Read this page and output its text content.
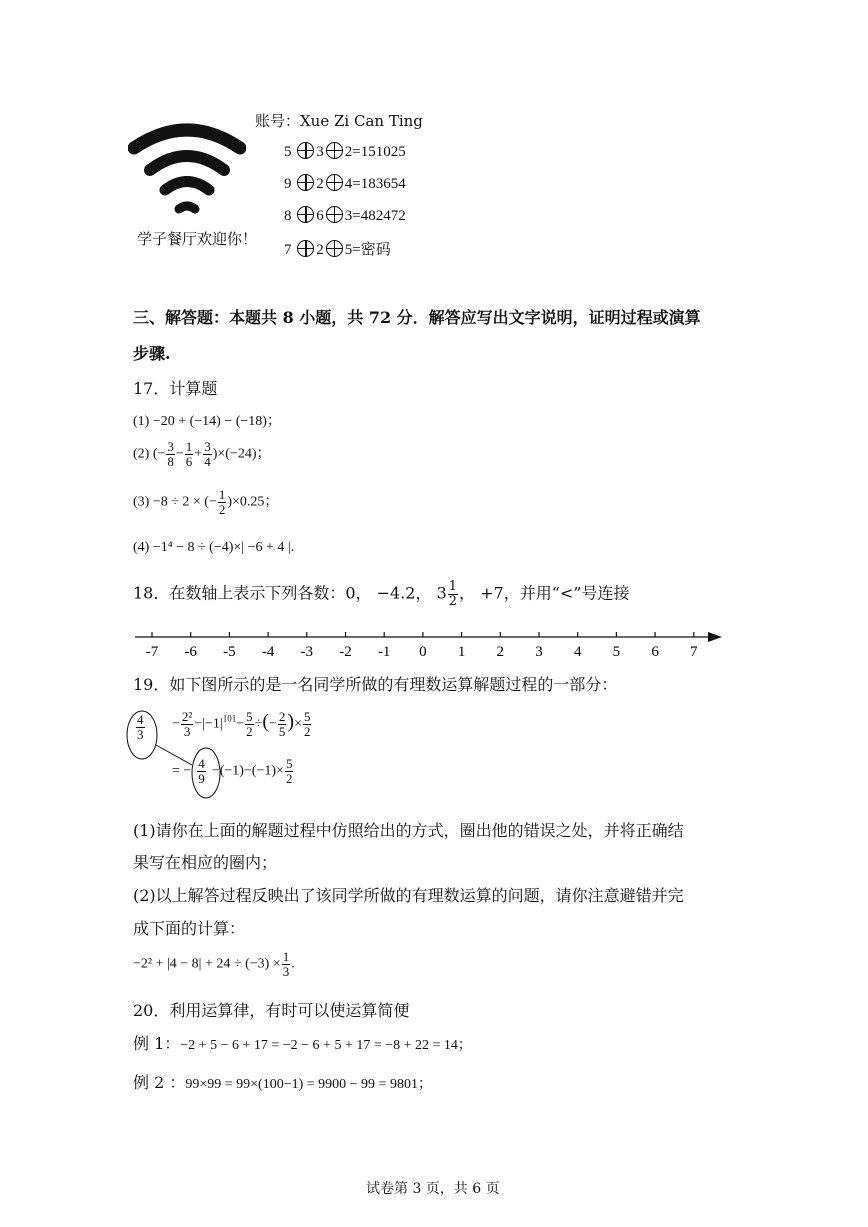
账号：Xue Zi Can Ting
5 3 2=151025
9 2 4=183654
8 6 3=482472
7 2 5=密码
学子餐厅欢迎你！
三、解答题：本题共 8 小题，共 72 分．解答应写出文字说明，证明过程或演算
步骤.
17．计算题
(1) −20 + (−14) − (−18)；
(2) (− $\frac{3}{8} - \frac{1}{6} + \frac{3}{4} )\times(-24)$；
(3) −8 ÷ 2 × (− $\frac{1}{2} )\times 0.25$；
(4) −1⁴ − 8 ÷ (−4)×| −6 + 4 |.
18．在数轴上表示下列各数：0， −4.2， $3 \frac{1}{2}$ ， +7，并用“<”号连接
-7 -6 -5 -4 -3 -2 -1 0 1 2 3 4 5 6 7
19．如下图所示的是一名同学所做的有理数运算解题过程的一部分：
$\frac{4}{3} - \frac{\text{2²}}{3} -|-1|^{101}- \frac{5}{2}$ ÷(− $\frac{2}{5}$ )× $\frac{5}{2}$
= − $\frac{4}{9} -(-1)-(-1)\times \frac{5}{2}$
(1)请你在上面的解题过程中仿照给出的方式，圈出他的错误之处，并将正确结
果写在相应的圈内；
(2)以上解答过程反映出了该同学所做的有理数运算的问题，请你注意避错并完
成下面的计算：
$-2^2 + |4 - 8| + 24 \div (-3) \times \frac{1}{3}$ .
20．利用运算律，有时可以使运算简便
例 1：−2 + 5 − 6 + 17 = −2 − 6 + 5 + 17 = −8 + 22 = 14；
例 2 ：99×99 = 99×(100−1) = 9900 − 99 = 9801；
试卷第 3 页，共 6 页
